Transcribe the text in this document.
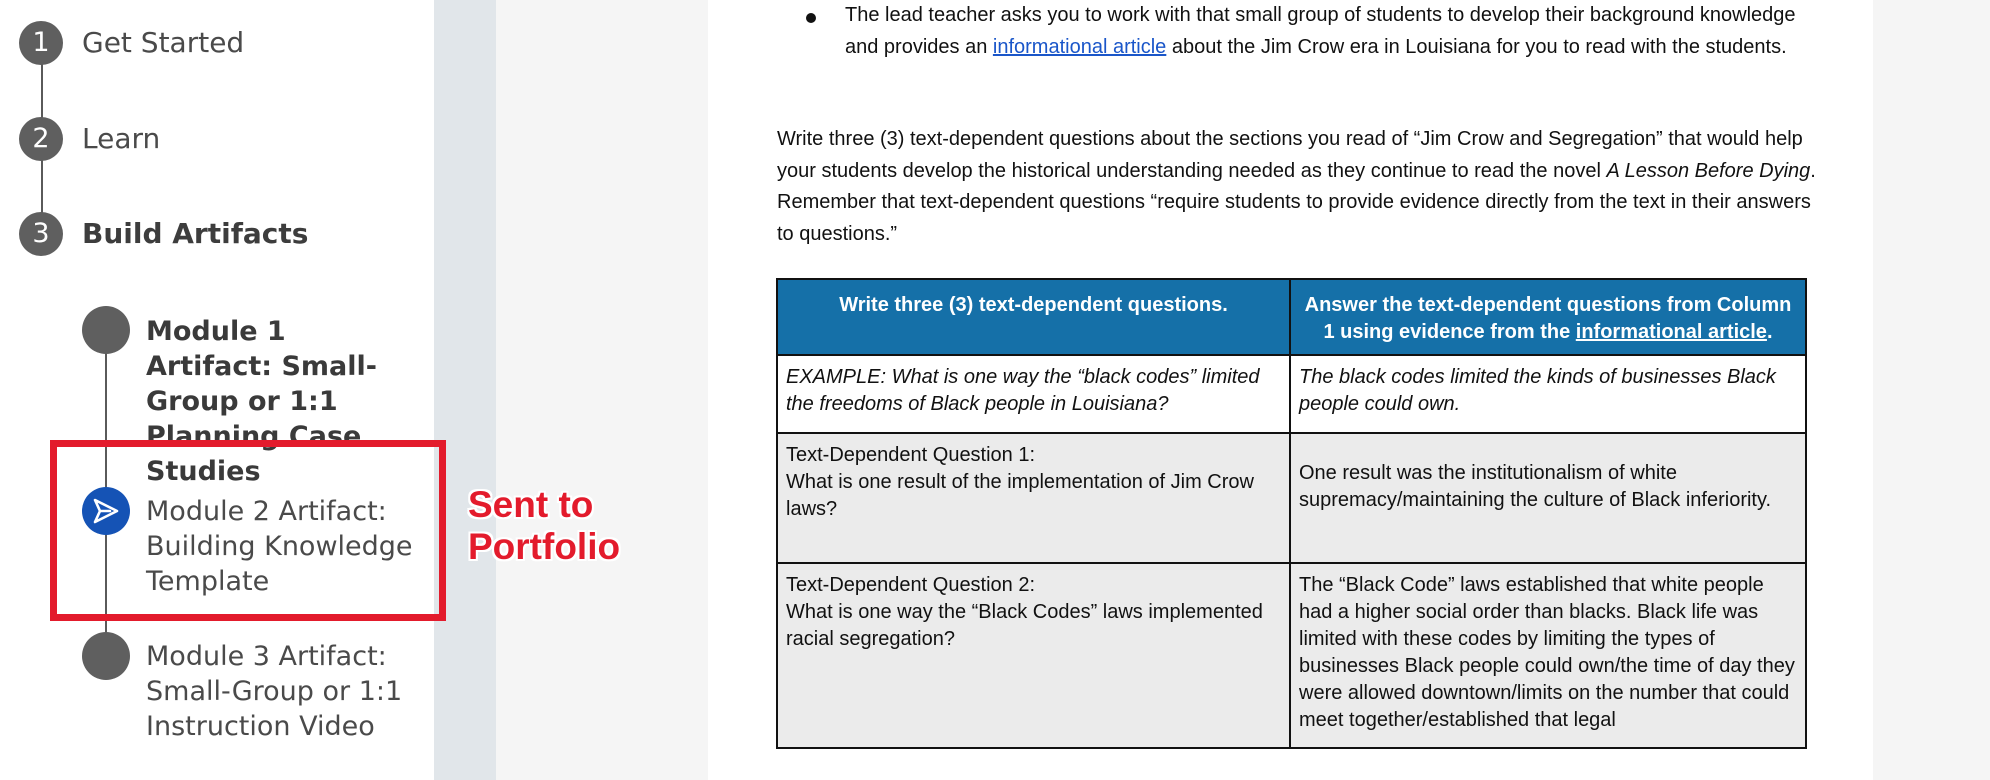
1	Get Started
2	Learn
3	Build Artifacts
Module 1 Artifact: Small-Group or 1:1 Planning Case Studies
Module 2 Artifact: Building Knowledge Template
Module 3 Artifact: Small-Group or 1:1 Instruction Video
The lead teacher asks you to work with that small group of students to develop their background knowledge and provides an informational article about the Jim Crow era in Louisiana for you to read with the students.
Write three (3) text-dependent questions about the sections you read of “Jim Crow and Segregation” that would help your students develop the historical understanding needed as they continue to read the novel A Lesson Before Dying. Remember that text-dependent questions “require students to provide evidence directly from the text in their answers to questions.”
Write three (3) text-dependent questions.	Answer the text-dependent questions from Column 1 using evidence from the informational article.
EXAMPLE: What is one way the “black codes” limited the freedoms of Black people in Louisiana?	The black codes limited the kinds of businesses Black people could own.

Text-Dependent Question 1:
What is one result of the implementation of Jim Crow laws?	One result was the institutionalism of white supremacy/maintaining the culture of Black inferiority.

Text-Dependent Question 2:
What is one way the “Black Codes” laws implemented racial segregation?	The “Black Code” laws established that white people had a higher social order than blacks. Black life was limited with these codes by limiting the types of businesses Black people could own/the time of day they were allowed downtown/limits on the number that could meet together/established that legal
Sent to
Portfolio
